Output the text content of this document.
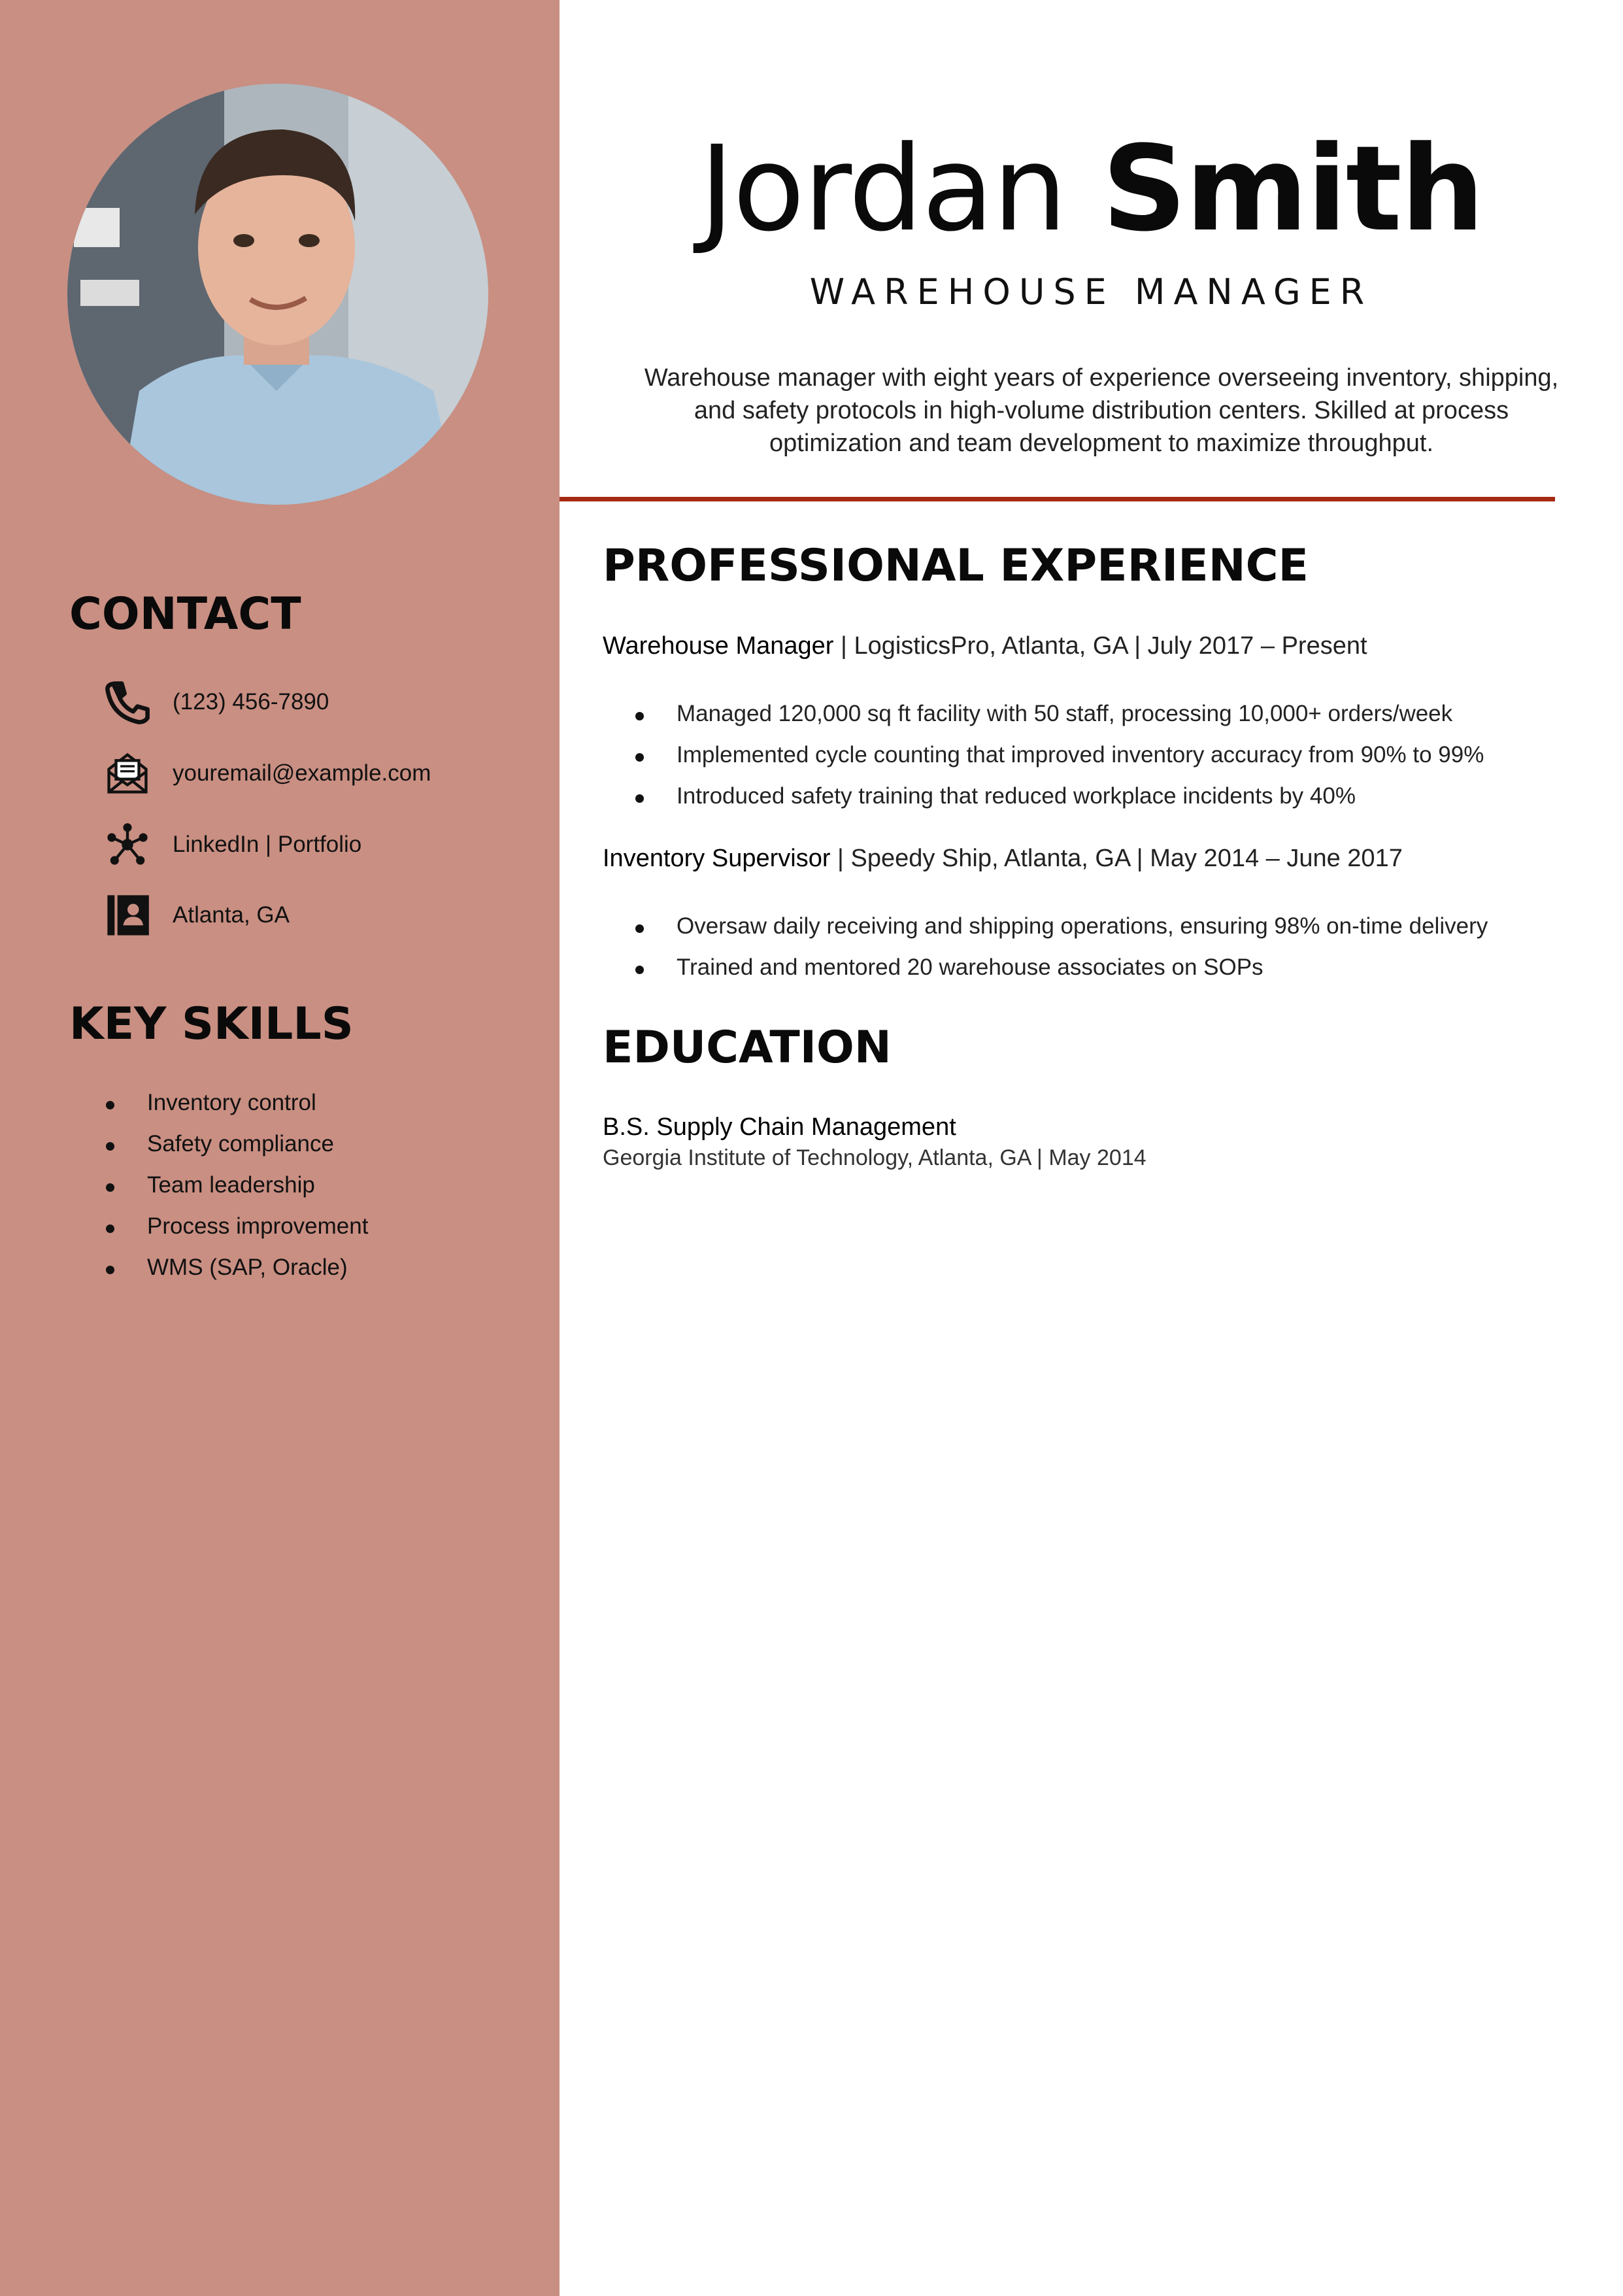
CONTACT
(123) 456-7890
youremail@example.com
LinkedIn | Portfolio
Atlanta, GA
KEY SKILLS
Inventory control
Safety compliance
Team leadership
Process improvement
WMS (SAP, Oracle)
Jordan Smith
WAREHOUSE MANAGER
Warehouse manager with eight years of experience overseeing inventory, shipping, and safety protocols in high-volume distribution centers. Skilled at process optimization and team development to maximize throughput.
PROFESSIONAL EXPERIENCE
Warehouse Manager | LogisticsPro, Atlanta, GA | July 2017 – Present
Managed 120,000 sq ft facility with 50 staff, processing 10,000+ orders/week
Implemented cycle counting that improved inventory accuracy from 90% to 99%
Introduced safety training that reduced workplace incidents by 40%
Inventory Supervisor | Speedy Ship, Atlanta, GA | May 2014 – June 2017
Oversaw daily receiving and shipping operations, ensuring 98% on-time delivery
Trained and mentored 20 warehouse associates on SOPs
EDUCATION
B.S. Supply Chain Management
Georgia Institute of Technology, Atlanta, GA | May 2014
